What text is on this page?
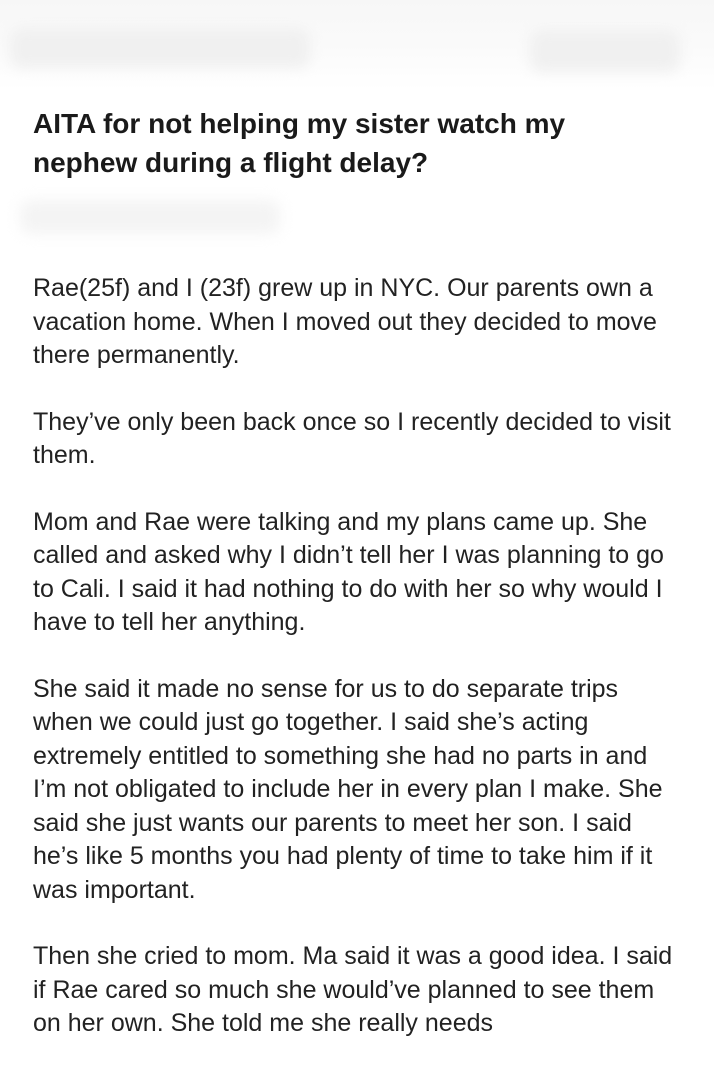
AITA for not helping my sister watch my nephew during a flight delay?

Rae(25f) and I (23f) grew up in NYC. Our parents own a vacation home. When I moved out they decided to move there permanently.

They’ve only been back once so I recently decided to visit them.

Mom and Rae were talking and my plans came up. She called and asked why I didn’t tell her I was planning to go to Cali. I said it had nothing to do with her so why would I have to tell her anything.

She said it made no sense for us to do separate trips when we could just go together. I said she’s acting extremely entitled to something she had no parts in and I’m not obligated to include her in every plan I make. She said she just wants our parents to meet her son. I said he’s like 5 months you had plenty of time to take him if it was important.

Then she cried to mom. Ma said it was a good idea. I said if Rae cared so much she would’ve planned to see them on her own. She told me she really needs
